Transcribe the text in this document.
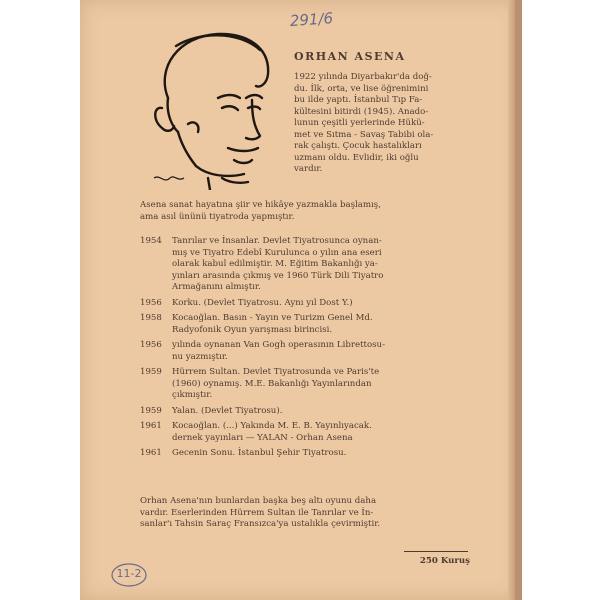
291/6
ORHAN ASENA
1922 yılında Diyarbakır'da doğ-
du. İlk, orta, ve lise öğrenimini
bu ilde yaptı. İstanbul Tıp Fa-
kültesini bitirdi (1945). Anado-
lunun çeşitli yerlerinde Hükü-
met ve Sıtma - Savaş Tabibi ola-
rak çalıştı. Çocuk hastalıkları
uzmanı oldu. Evlidir, iki oğlu
vardır.
Asena sanat hayatına şiir ve hikâye yazmakla başlamış,
ama asıl ününü tiyatroda yapmıştır.
1954	Tanrılar ve İnsanlar. Devlet Tiyatrosunca oynan-
mış ve Tiyatro Edebî Kurulunca o yılın ana eseri
olarak kabul edilmiştir. M. Eğitim Bakanlığı ya-
yınları arasında çıkmış ve 1960 Türk Dili Tiyatro
Armağanını almıştır.
1956	Korku. (Devlet Tiyatrosu. Aynı yıl Dost Y.)
1958	Kocaoğlan. Basın - Yayın ve Turizm Genel Md.
Radyofonik Oyun yarışması birincisi.
1956	yılında oynanan Van Gogh operasının Librettosu-
nu yazmıştır.
1959	Hürrem Sultan. Devlet Tiyatrosunda ve Paris'te
(1960) oynamış. M.E. Bakanlığı Yayınlarından
çıkmıştır.
1959	Yalan. (Devlet Tiyatrosu).
1961	Kocaoğlan. (...) Yakında M. E. B. Yayınlıyacak.
dernek yayınları — YALAN - Orhan Asena
1961	Gecenin Sonu. İstanbul Şehir Tiyatrosu.
Orhan Asena'nın bunlardan başka beş altı oyunu daha
vardır. Eserlerinden Hürrem Sultan ile Tanrılar ve İn-
sanlar'ı Tahsin Saraç Fransızca'ya ustalıkla çevirmiştir.
250 Kuruş
11-2
